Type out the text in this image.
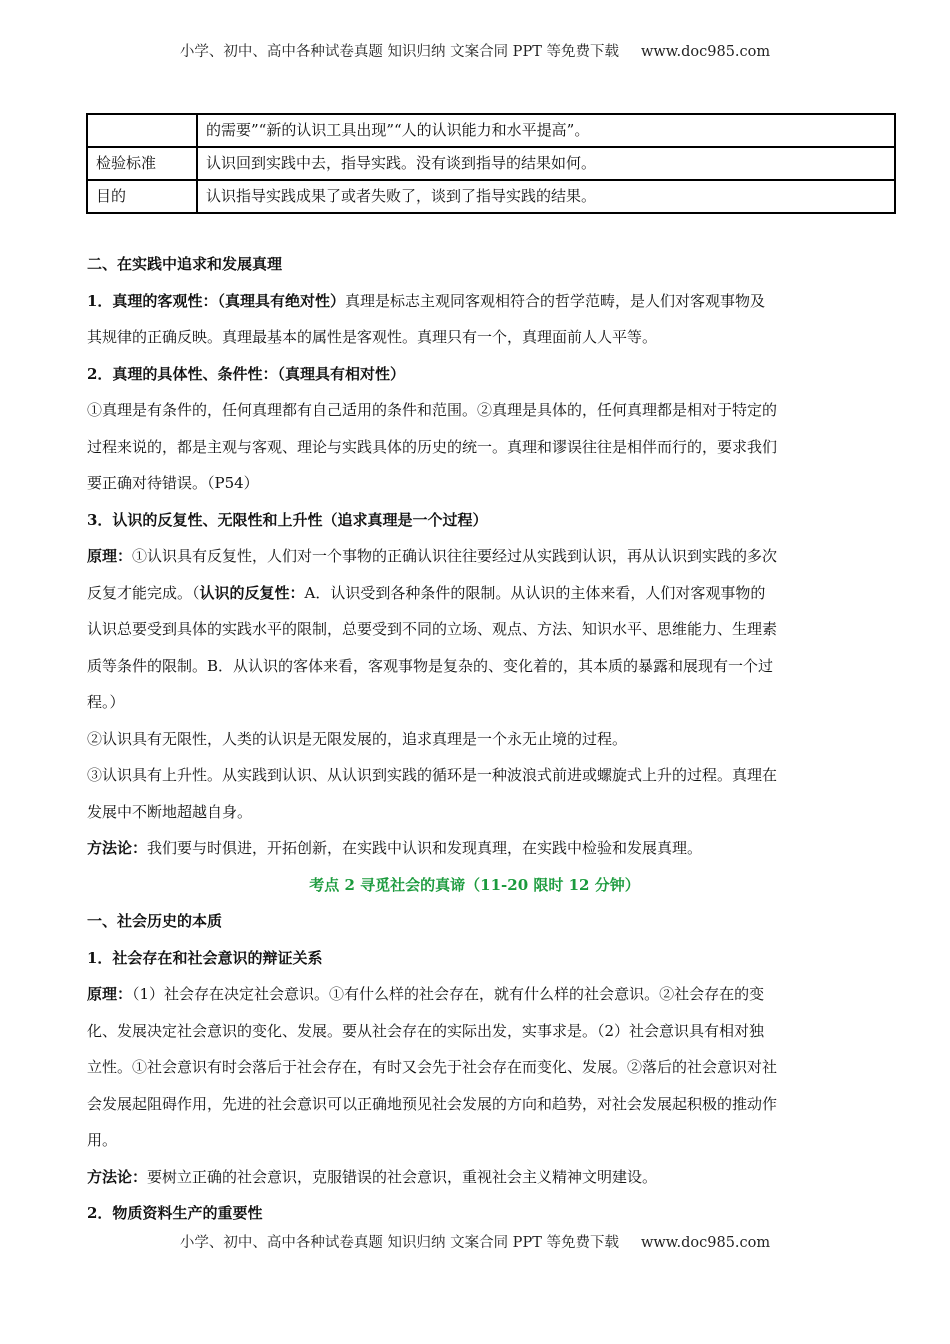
小学、初中、高中各种试卷真题 知识归纳 文案合同 PPT 等免费下载 www.doc985.com
	的需要”“新的认识工具出现”“人的认识能力和水平提高”。
检验标准	认识回到实践中去，指导实践。没有谈到指导的结果如何。
目的	认识指导实践成果了或者失败了，谈到了指导实践的结果。
二、在实践中追求和发展真理
1．真理的客观性：（真理具有绝对性）真理是标志主观同客观相符合的哲学范畴，是人们对客观事物及
其规律的正确反映。真理最基本的属性是客观性。真理只有一个，真理面前人人平等。
2．真理的具体性、条件性：（真理具有相对性）
①真理是有条件的，任何真理都有自己适用的条件和范围。②真理是具体的，任何真理都是相对于特定的
过程来说的，都是主观与客观、理论与实践具体的历史的统一。真理和谬误往往是相伴而行的，要求我们
要正确对待错误。（P54）
3．认识的反复性、无限性和上升性（追求真理是一个过程）
原理：①认识具有反复性，人们对一个事物的正确认识往往要经过从实践到认识，再从认识到实践的多次
反复才能完成。（认识的反复性：A．认识受到各种条件的限制。从认识的主体来看，人们对客观事物的
认识总要受到具体的实践水平的限制，总要受到不同的立场、观点、方法、知识水平、思维能力、生理素
质等条件的限制。B．从认识的客体来看，客观事物是复杂的、变化着的，其本质的暴露和展现有一个过
程。）
②认识具有无限性，人类的认识是无限发展的，追求真理是一个永无止境的过程。
③认识具有上升性。从实践到认识、从认识到实践的循环是一种波浪式前进或螺旋式上升的过程。真理在
发展中不断地超越自身。
方法论：我们要与时俱进，开拓创新，在实践中认识和发现真理，在实践中检验和发展真理。
考点 2 寻觅社会的真谛（11-20 限时 12 分钟）
一、社会历史的本质
1．社会存在和社会意识的辩证关系
原理：（1）社会存在决定社会意识。①有什么样的社会存在，就有什么样的社会意识。②社会存在的变
化、发展决定社会意识的变化、发展。要从社会存在的实际出发，实事求是。（2）社会意识具有相对独
立性。①社会意识有时会落后于社会存在，有时又会先于社会存在而变化、发展。②落后的社会意识对社
会发展起阻碍作用，先进的社会意识可以正确地预见社会发展的方向和趋势，对社会发展起积极的推动作
用。
方法论：要树立正确的社会意识，克服错误的社会意识，重视社会主义精神文明建设。
2．物质资料生产的重要性
小学、初中、高中各种试卷真题 知识归纳 文案合同 PPT 等免费下载 www.doc985.com
